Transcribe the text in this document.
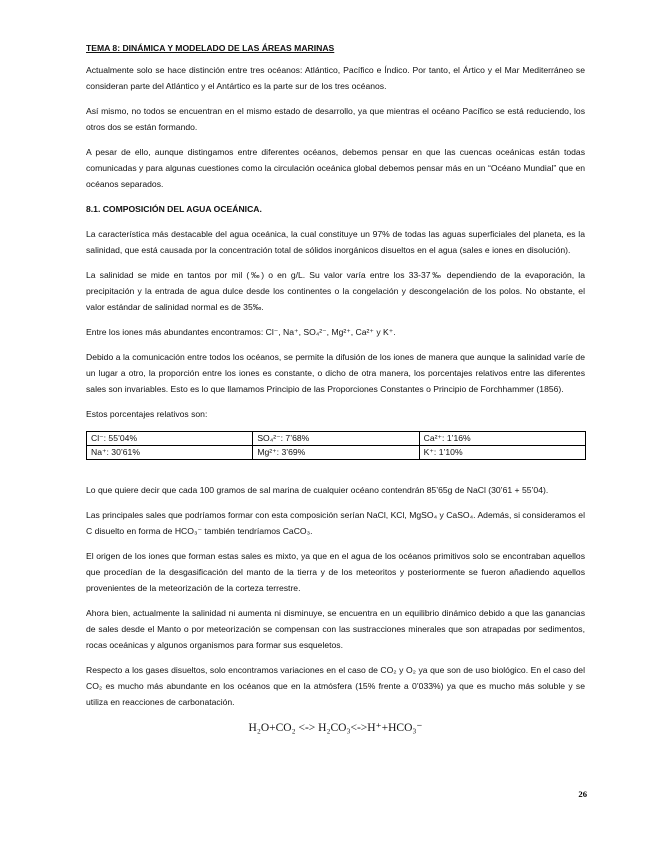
TEMA 8: DINÁMICA Y MODELADO DE LAS ÁREAS MARINAS

Actualmente solo se hace distinción entre tres océanos: Atlántico, Pacífico e Índico. Por tanto, el Ártico y el Mar Mediterráneo se consideran parte del Atlántico y el Antártico es la parte sur de los tres océanos.

Así mismo, no todos se encuentran en el mismo estado de desarrollo, ya que mientras el océano Pacífico se está reduciendo, los otros dos se están formando.

A pesar de ello, aunque distingamos entre diferentes océanos, debemos pensar en que las cuencas oceánicas están todas comunicadas y para algunas cuestiones como la circulación oceánica global debemos pensar más en un “Océano Mundial” que en océanos separados.

8.1. COMPOSICIÓN DEL AGUA OCEÁNICA.

La característica más destacable del agua oceánica, la cual constituye un 97% de todas las aguas superficiales del planeta, es la salinidad, que está causada por la concentración total de sólidos inorgánicos disueltos en el agua (sales e iones en disolución).

La salinidad se mide en tantos por mil (‰) o en g/L. Su valor varía entre los 33-37‰ dependiendo de la evaporación, la precipitación y la entrada de agua dulce desde los continentes o la congelación y descongelación de los polos. No obstante, el valor estándar de salinidad normal es de 35‰.

Entre los iones más abundantes encontramos: Cl⁻, Na⁺, SO₄²⁻, Mg²⁺, Ca²⁺ y K⁺.

Debido a la comunicación entre todos los océanos, se permite la difusión de los iones de manera que aunque la salinidad varíe de un lugar a otro, la proporción entre los iones es constante, o dicho de otra manera, los porcentajes relativos entre las diferentes sales son invariables. Esto es lo que llamamos Principio de las Proporciones Constantes o Principio de Forchhammer (1856).

Estos porcentajes relativos son:

Cl⁻: 55’04%	SO₄²⁻: 7’68%	Ca²⁺: 1’16%
Na⁺: 30’61%	Mg²⁺: 3’69%	K⁺: 1’10%

Lo que quiere decir que cada 100 gramos de sal marina de cualquier océano contendrán 85’65g de NaCl (30’61 + 55’04).

Las principales sales que podríamos formar con esta composición serían NaCl, KCl, MgSO₄ y CaSO₄. Además, si consideramos el C disuelto en forma de HCO₃⁻ también tendríamos CaCO₃.

El origen de los iones que forman estas sales es mixto, ya que en el agua de los océanos primitivos solo se encontraban aquellos que procedían de la desgasificación del manto de la tierra y de los meteoritos y posteriormente se fueron añadiendo aquellos provenientes de la meteorización de la corteza terrestre.

Ahora bien, actualmente la salinidad ni aumenta ni disminuye, se encuentra en un equilibrio dinámico debido a que las ganancias de sales desde el Manto o por meteorización se compensan con las sustracciones minerales que son atrapadas por sedimentos, rocas oceánicas y algunos organismos para formar sus esqueletos.

Respecto a los gases disueltos, solo encontramos variaciones en el caso de CO₂ y O₂ ya que son de uso biológico. En el caso del CO₂ es mucho más abundante en los océanos que en la atmósfera (15% frente a 0’033%) ya que es mucho más soluble y se utiliza en reacciones de carbonatación.

H₂O+CO₂ <-> H₂CO₃<->H⁺+HCO₃⁻
26
